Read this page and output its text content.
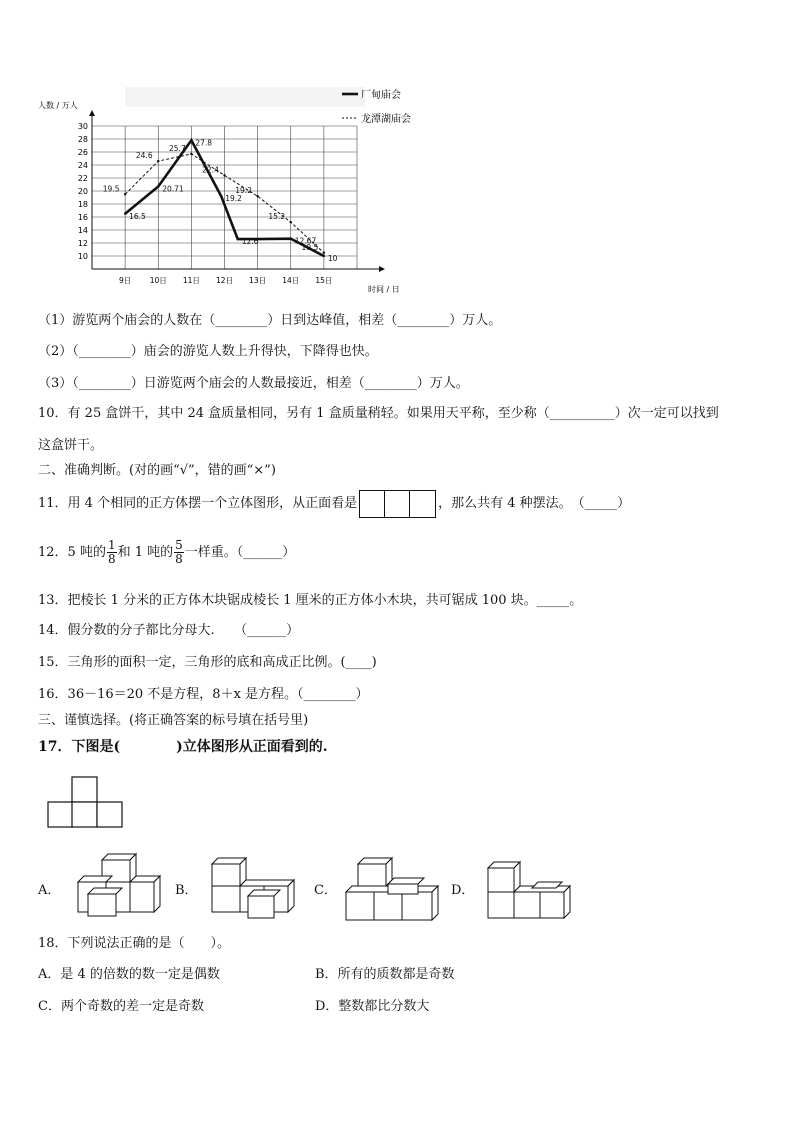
10
12
14
16
18
20
22
24
26
28
30
9日 10日 11日 12日 13日 14日 15日
16.5
20.71
27.8
19.2
12.6	12.67
10
19.5
24.6
25.7
22.4
19.2
15.2
10.5
厂甸庙会
龙潭湖庙会
人数 / 万人
时间 / 日
（1）游览两个庙会的人数在（________）日到达峰值，相差（________）万人。
（2）（________）庙会的游览人数上升得快，下降得也快。
（3）（________）日游览两个庙会的人数最接近，相差（________）万人。
10．有 25 盒饼干，其中 24 盒质量相同，另有 1 盒质量稍轻。如果用天平称，至少称（__________）次一定可以找到
这盒饼干。
二、准确判断。(对的画“√”，错的画“×”)
11．用 4 个相同的正方体摆一个立体图形，从正面看是	，那么共有 4 种摆法。　（_____）
12．5 吨的 $\frac{1}{8}$ 和 1 吨的 $\frac{5}{8}$ 一样重。（______）
13．把棱长 1 分米的正方体木块锯成棱长 1 厘米的正方体小木块，共可锯成 100 块。_____。
14．假分数的分子都比分母大.　　（______）
15．三角形的面积一定，三角形的底和高成正比例。(____)
16．36－16＝20 不是方程，8＋x 是方程。（________）
三、谨慎选择。(将正确答案的标号填在括号里)
17．下图是(　　　　)立体图形从正面看到的.
A．	B．	C．	D．
18．下列说法正确的是（　　）。
A．是 4 的倍数的数一定是偶数	B．所有的质数都是奇数
C．两个奇数的差一定是奇数	D．整数都比分数大
